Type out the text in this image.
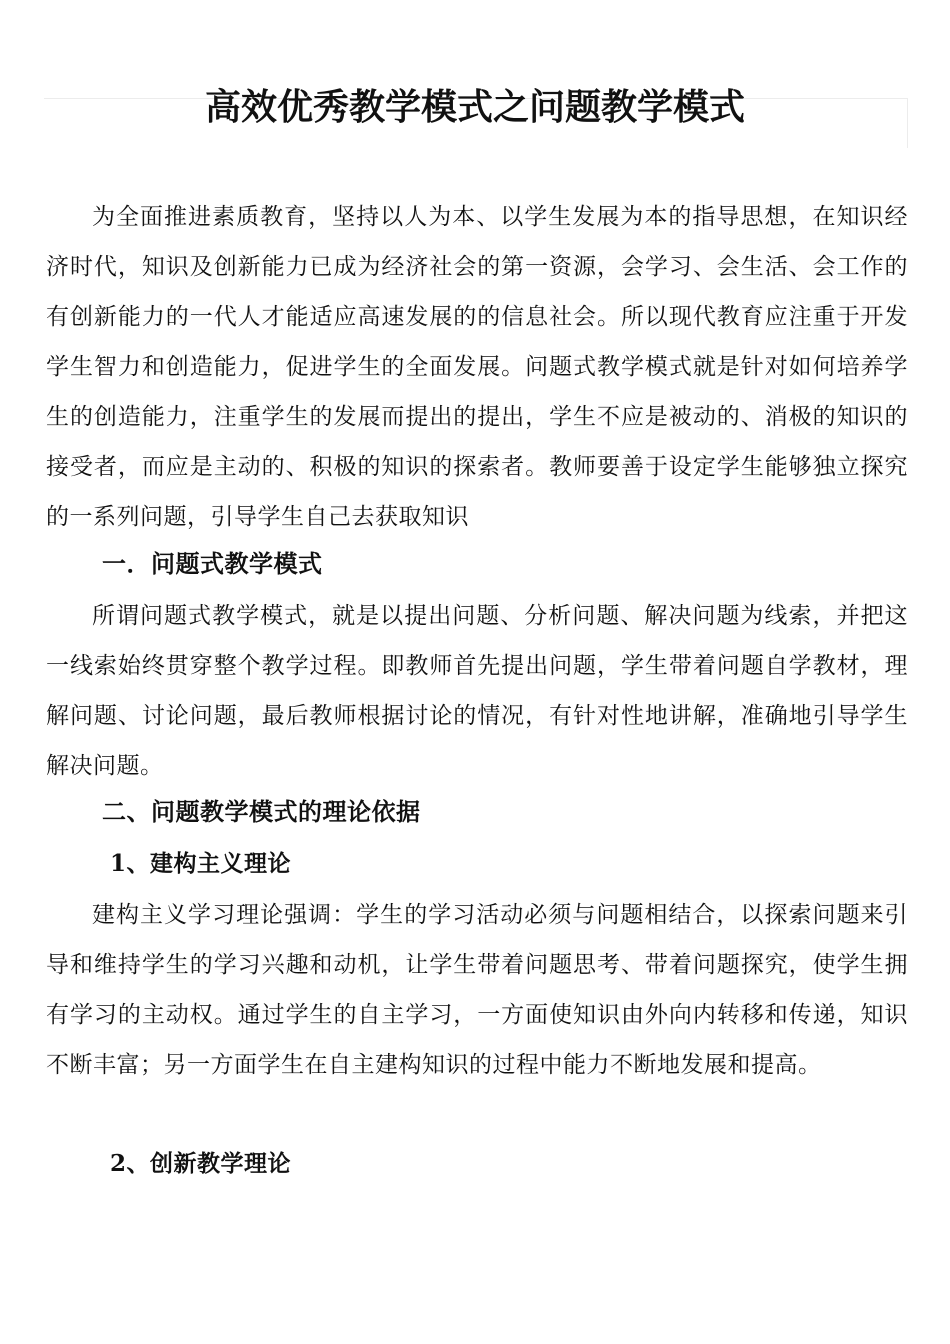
高效优秀教学模式之问题教学模式

为全面推进素质教育，坚持以人为本、以学生发展为本的指导思想，在知识经济时代，知识及创新能力已成为经济社会的第一资源，会学习、会生活、会工作的有创新能力的一代人才能适应高速发展的的信息社会。所以现代教育应注重于开发学生智力和创造能力，促进学生的全面发展。问题式教学模式就是针对如何培养学生的创造能力，注重学生的发展而提出的提出，学生不应是被动的、消极的知识的接受者，而应是主动的、积极的知识的探索者。教师要善于设定学生能够独立探究的一系列问题，引导学生自己去获取知识

一．问题式教学模式

所谓问题式教学模式，就是以提出问题、分析问题、解决问题为线索，并把这一线索始终贯穿整个教学过程。即教师首先提出问题，学生带着问题自学教材，理解问题、讨论问题，最后教师根据讨论的情况，有针对性地讲解，准确地引导学生解决问题。

二、问题教学模式的理论依据
1、建构主义理论

建构主义学习理论强调：学生的学习活动必须与问题相结合，以探索问题来引导和维持学生的学习兴趣和动机，让学生带着问题思考、带着问题探究，使学生拥有学习的主动权。通过学生的自主学习，一方面使知识由外向内转移和传递，知识不断丰富；另一方面学生在自主建构知识的过程中能力不断地发展和提高。

2、创新教学理论
